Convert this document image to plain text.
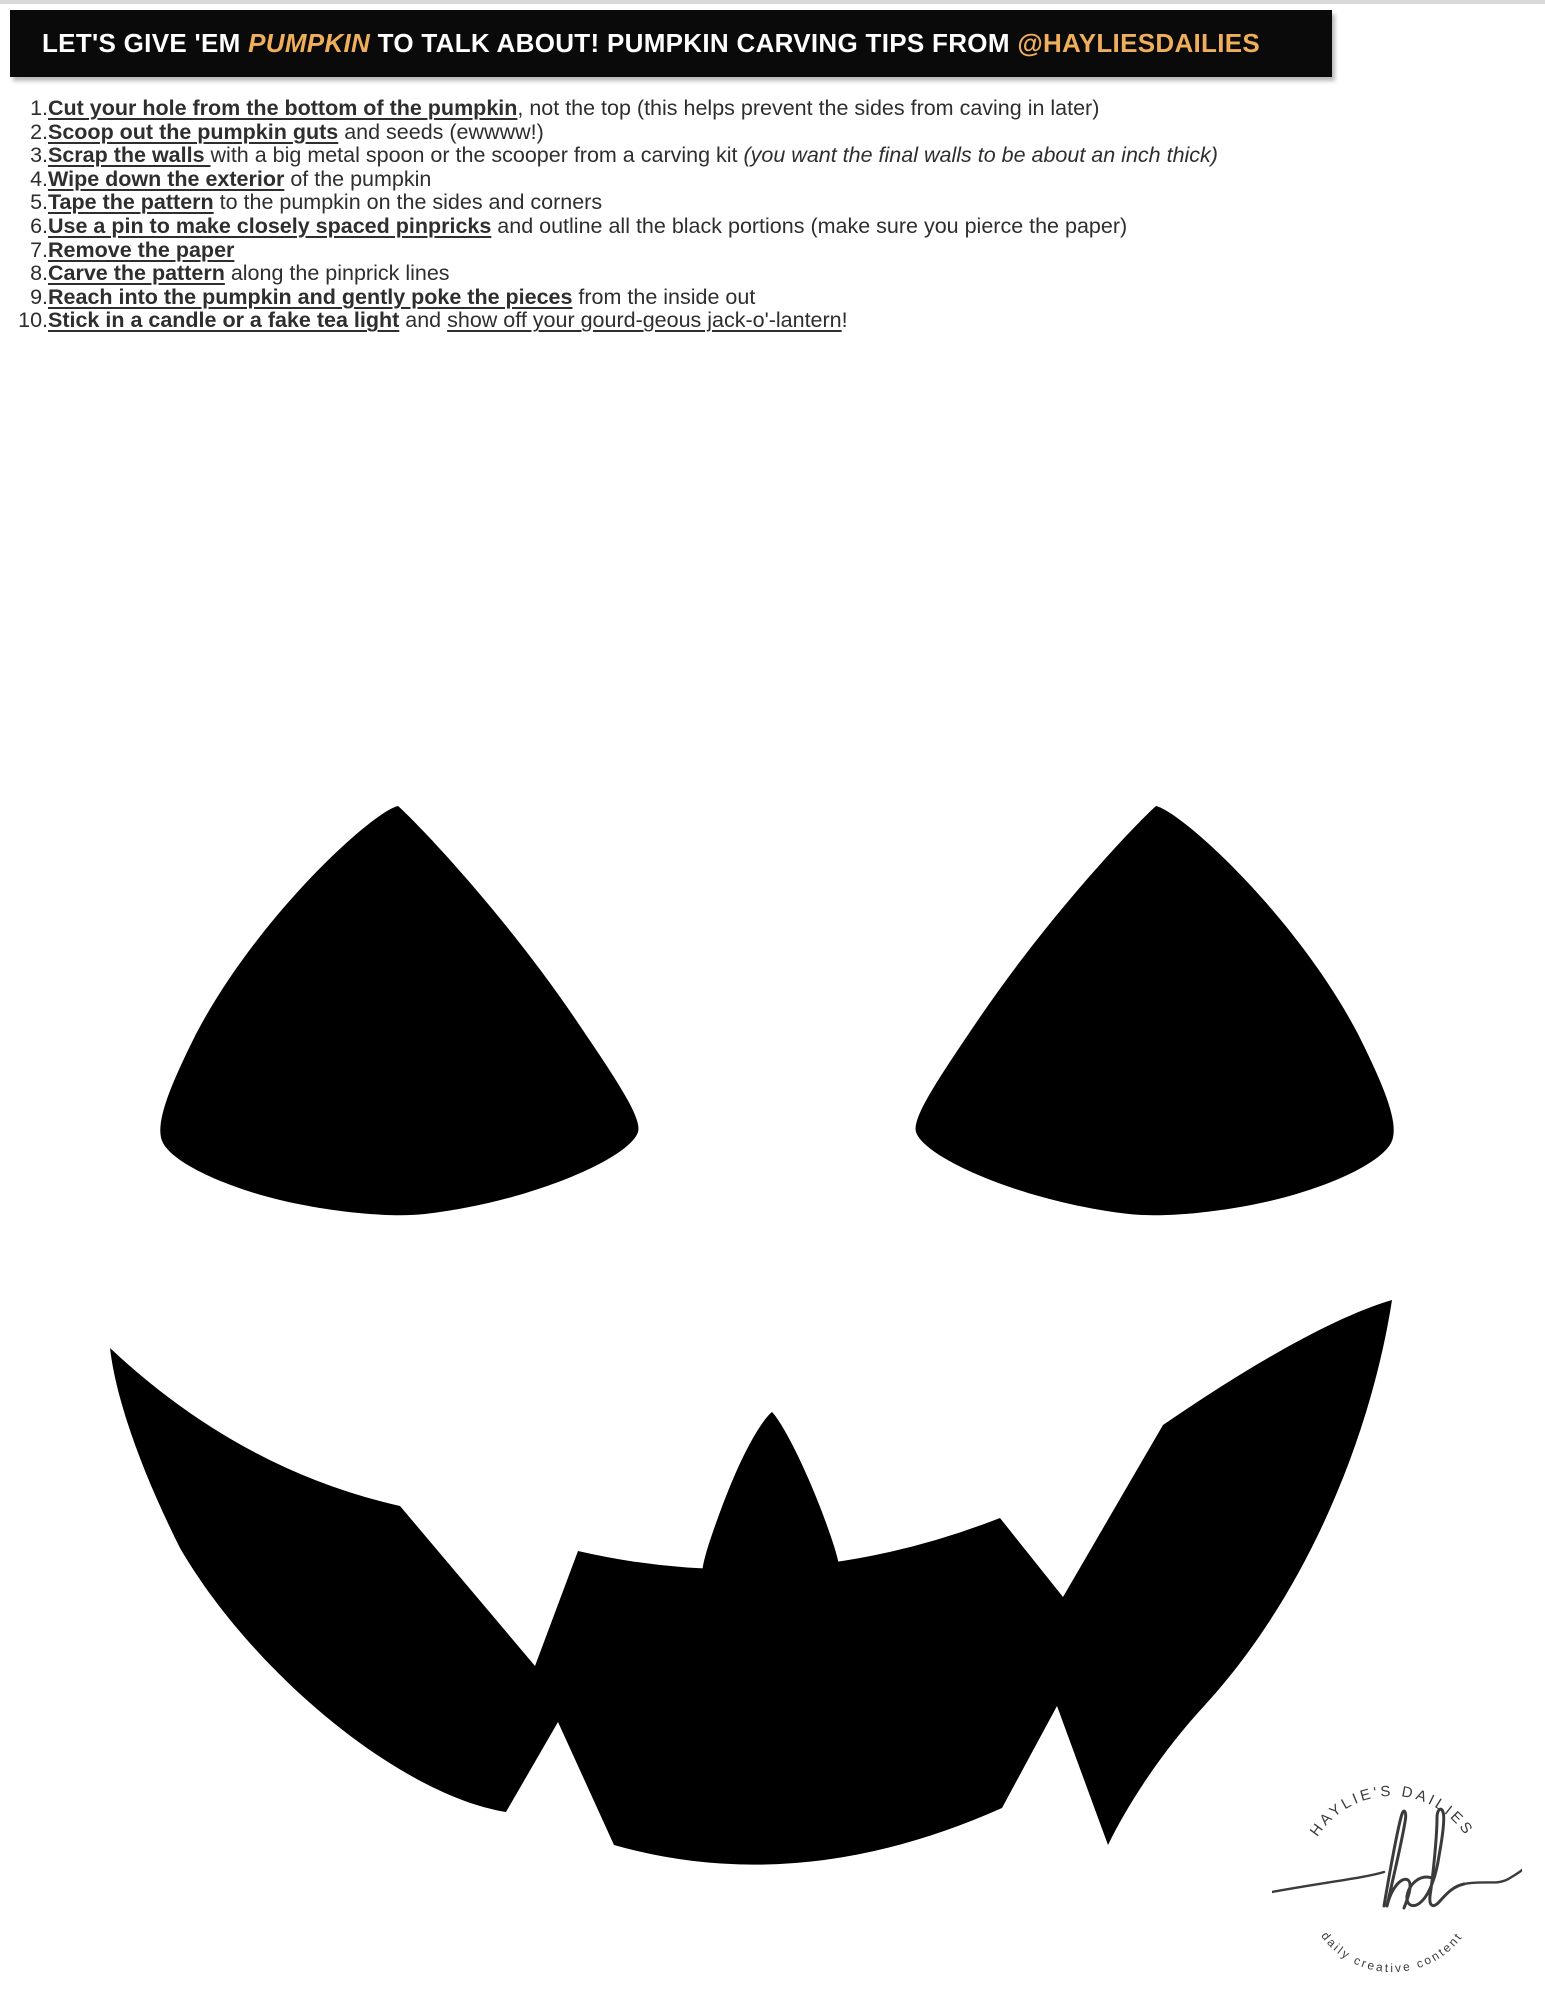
LET'S GIVE 'EM PUMPKIN TO TALK ABOUT! PUMPKIN CARVING TIPS FROM @HAYLIESDAILIES
1. Cut your hole from the bottom of the pumpkin, not the top (this helps prevent the sides from caving in later)
2. Scoop out the pumpkin guts and seeds (ewwww!)
3. Scrap the walls with a big metal spoon or the scooper from a carving kit (you want the final walls to be about an inch thick)
4. Wipe down the exterior of the pumpkin
5. Tape the pattern to the pumpkin on the sides and corners
6. Use a pin to make closely spaced pinpricks and outline all the black portions (make sure you pierce the paper)
7. Remove the paper
8. Carve the pattern along the pinprick lines
9. Reach into the pumpkin and gently poke the pieces from the inside out
10. Stick in a candle or a fake tea light and show off your gourd-geous jack-o'-lantern!
HAYLIE'S DAILIES
daily creative content
